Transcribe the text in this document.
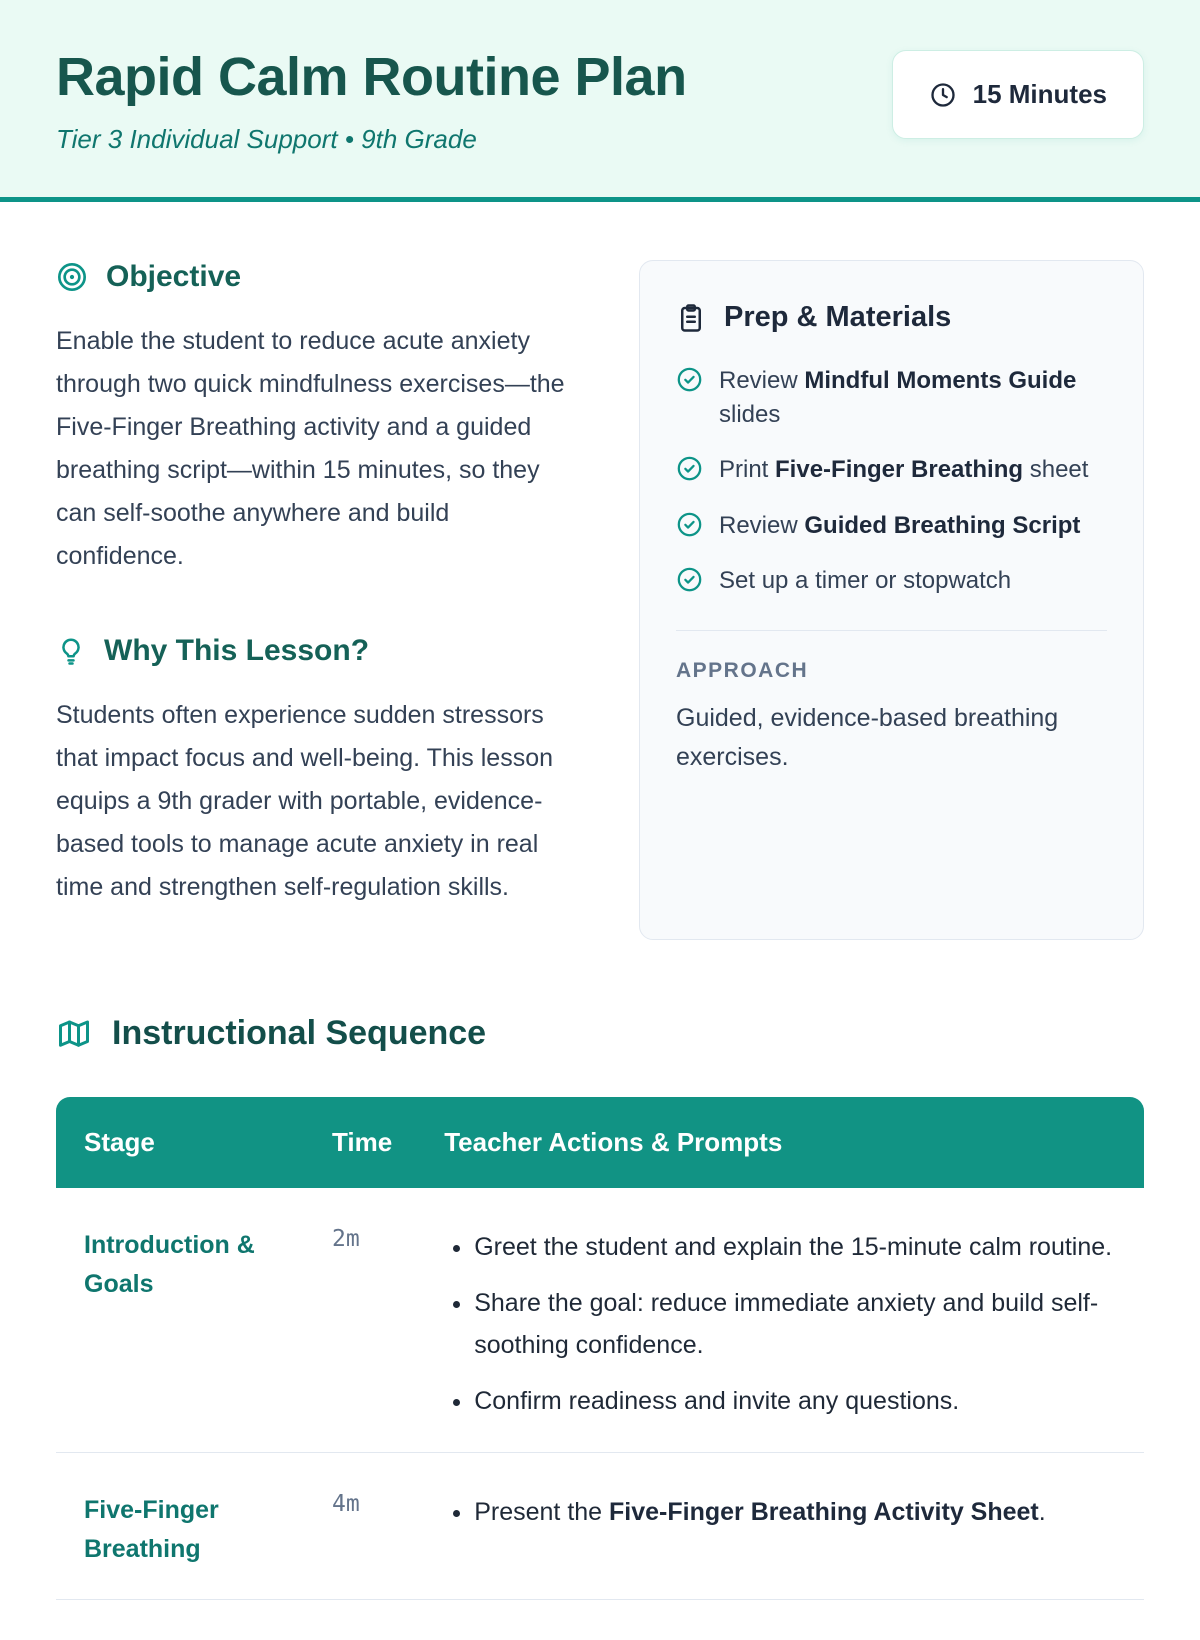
Rapid Calm Routine Plan

Tier 3 Individual Support • 9th Grade

15 Minutes
Objective

Enable the student to reduce acute anxiety through two quick mindfulness exercises—the Five-Finger Breathing activity and a guided breathing script—within 15 minutes, so they can self-soothe anywhere and build confidence.

Why This Lesson?

Students often experience sudden stressors that impact focus and well-being. This lesson equips a 9th grader with portable, evidence-based tools to manage acute anxiety in real time and strengthen self-regulation skills.

Prep & Materials
Review Mindful Moments Guide slides
Print Five-Finger Breathing sheet
Review Guided Breathing Script
Set up a timer or stopwatch

APPROACH

Guided, evidence-based breathing exercises.

Instructional Sequence
Stage	Time	Teacher Actions & Prompts
Introduction & Goals	2m	
•Greet the student and explain the 15-minute calm routine.
• Share the goal: reduce immediate anxiety and build self-soothing confidence.
• Confirm readiness and invite any questions.

Five-Finger Breathing	4m	
•Present the Five-Finger Breathing Activity Sheet.
